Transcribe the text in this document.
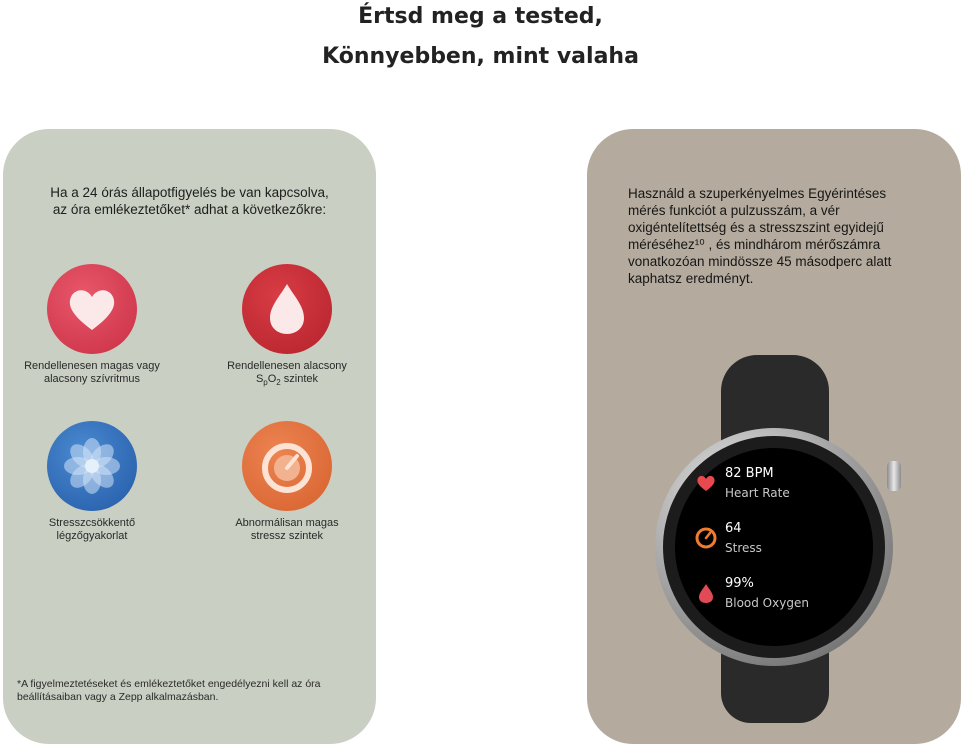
Értsd meg a tested,
Könnyebben, mint valaha
Ha a 24 órás állapotfigyelés be van kapcsolva,
az óra emlékeztetőket* adhat a következőkre:
Rendellenesen magas vagy
alacsony szívritmus
Rendellenesen alacsony
$S_pO_2$ szintek
Stresszcsökkentő
légzőgyakorlat
Abnormálisan magas
stressz szintek
*A figyelmeztetéseket és emlékeztetőket engedélyezni kell az óra
beállításaiban vagy a Zepp alkalmazásban.
Használd a szuperkényelmes Egyérintéses
mérés funkciót a pulzusszám, a vér
oxigéntelítettség és a stresszszint egyidejű
méréséhez¹⁰ , és mindhárom mérőszámra
vonatkozóan mindössze 45 másodperc alatt
kaphatsz eredményt.
82 BPM
Heart Rate
64
Stress
99%
Blood Oxygen
